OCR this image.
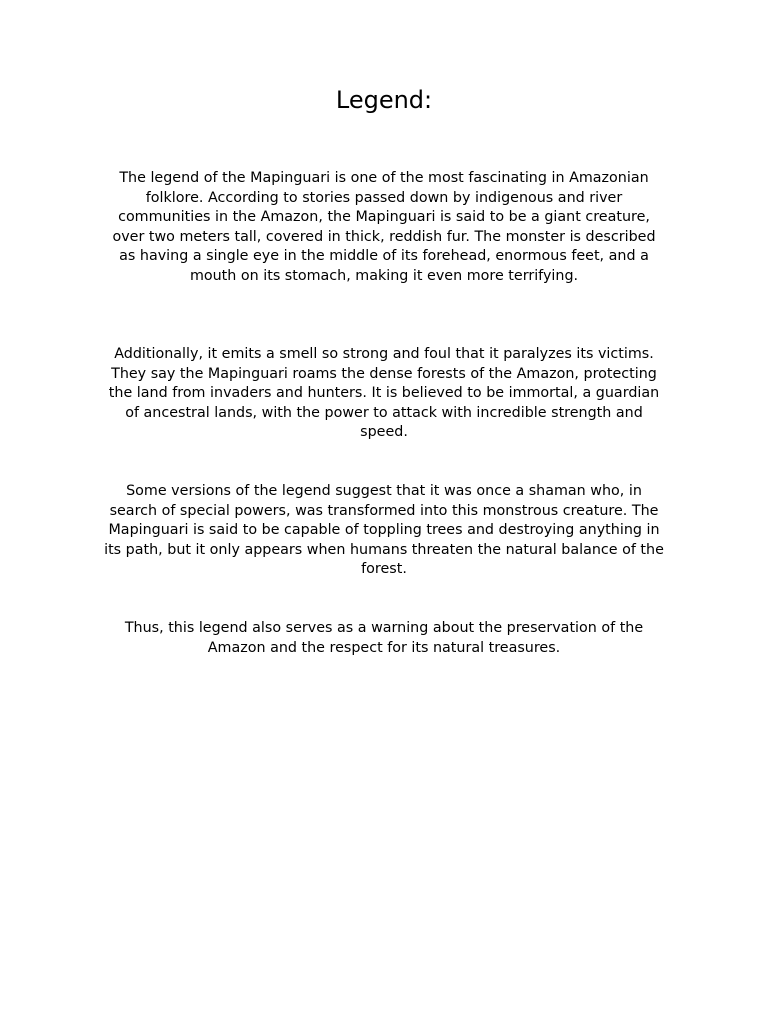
Legend:

The legend of the Mapinguari is one of the most fascinating in Amazonian folklore. According to stories passed down by indigenous and river communities in the Amazon, the Mapinguari is said to be a giant creature, over two meters tall, covered in thick, reddish fur. The monster is described as having a single eye in the middle of its forehead, enormous feet, and a mouth on its stomach, making it even more terrifying.

Additionally, it emits a smell so strong and foul that it paralyzes its victims. They say the Mapinguari roams the dense forests of the Amazon, protecting the land from invaders and hunters. It is believed to be immortal, a guardian of ancestral lands, with the power to attack with incredible strength and speed.

Some versions of the legend suggest that it was once a shaman who, in search of special powers, was transformed into this monstrous creature. The Mapinguari is said to be capable of toppling trees and destroying anything in its path, but it only appears when humans threaten the natural balance of the forest.

Thus, this legend also serves as a warning about the preservation of the Amazon and the respect for its natural treasures.
